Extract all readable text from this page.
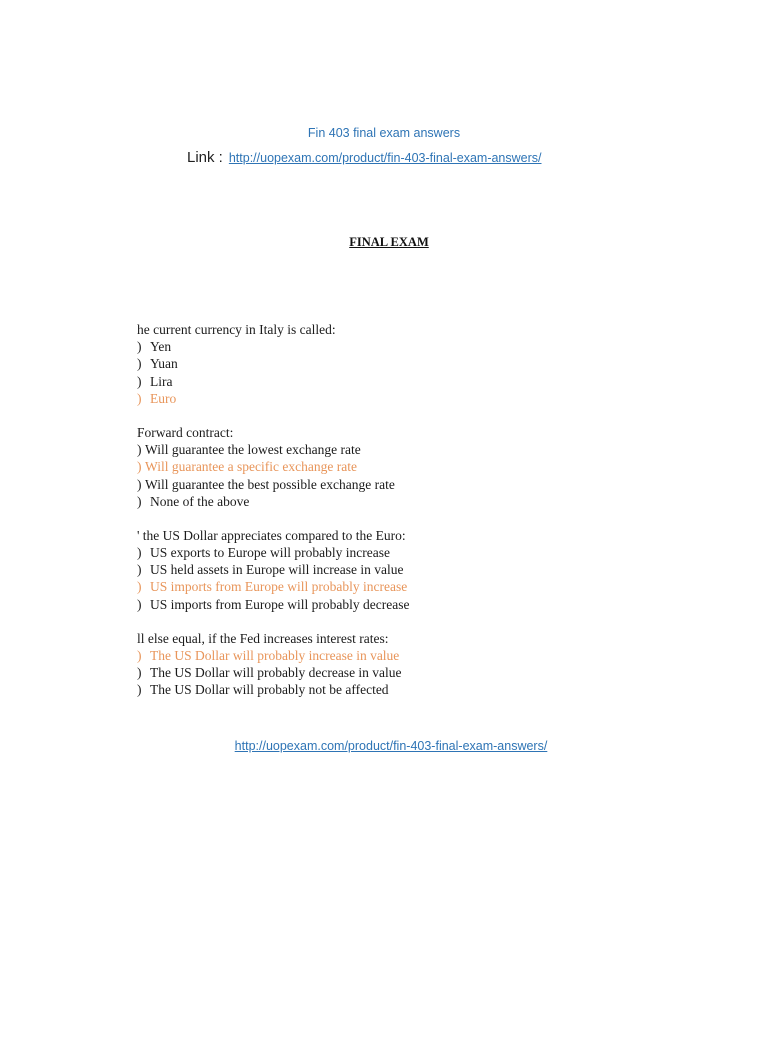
Fin 403 final exam answers
Link : http://uopexam.com/product/fin-403-final-exam-answers/
FINAL EXAM
he current currency in Italy is called:
) Yen
) Yuan
) Lira
) Euro
Forward contract:
) Will guarantee the lowest exchange rate
) Will guarantee a specific exchange rate
) Will guarantee the best possible exchange rate
) None of the above
' the US Dollar appreciates compared to the Euro:
) US exports to Europe will probably increase
) US held assets in Europe will increase in value
) US imports from Europe will probably increase
) US imports from Europe will probably decrease
ll else equal, if the Fed increases interest rates:
) The US Dollar will probably increase in value
) The US Dollar will probably decrease in value
) The US Dollar will probably not be affected
http://uopexam.com/product/fin-403-final-exam-answers/
